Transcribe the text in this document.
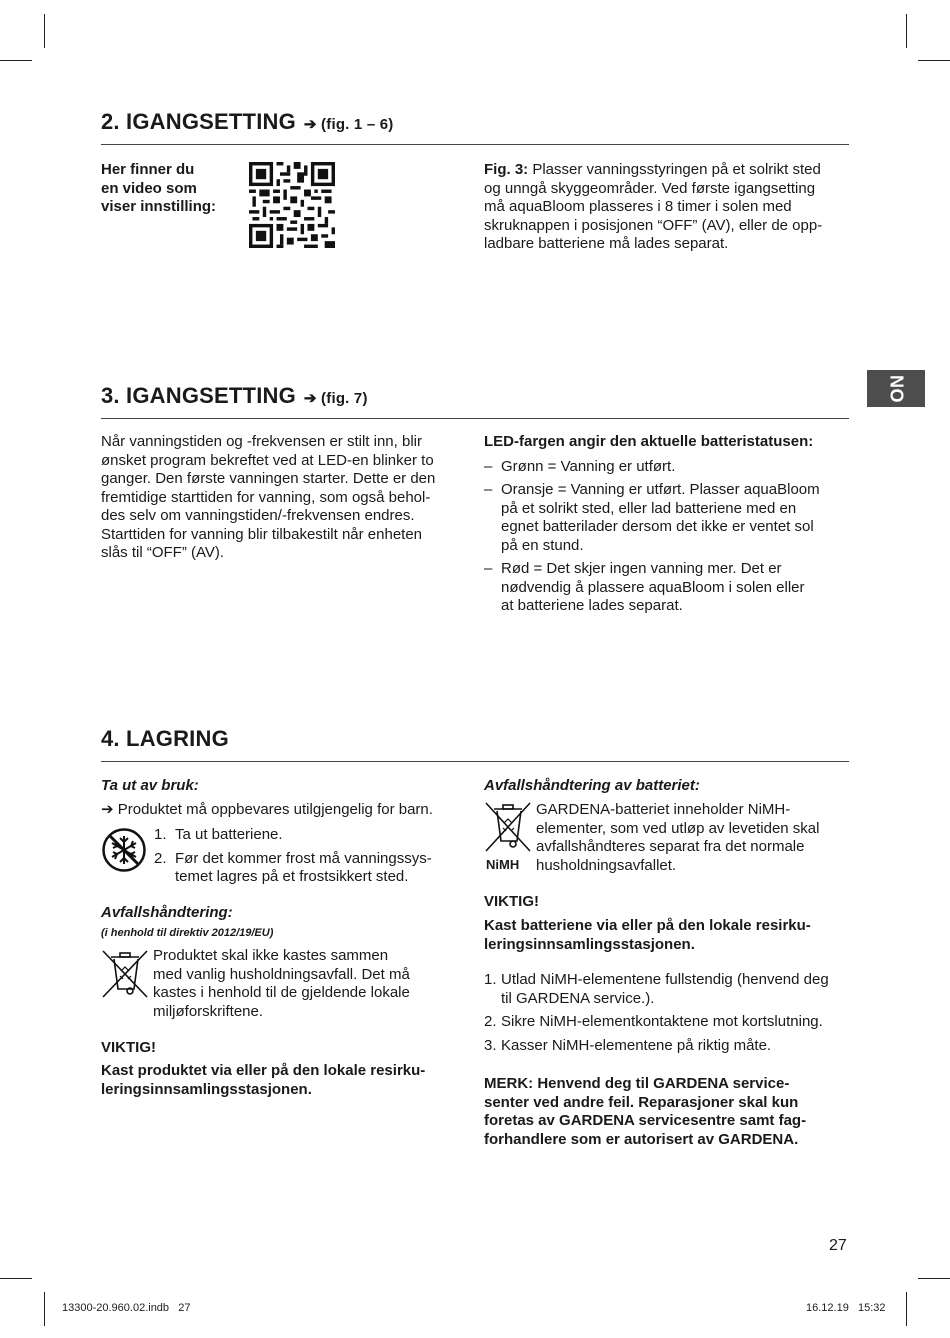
2. IGANGSETTING ➔ (fig. 1 – 6)
Her finner du
en video som
viser innstilling:
Fig. 3: Plasser vanningsstyringen på et solrikt sted
og unngå skyggeområder. Ved første igangsetting
må aquaBloom plasseres i 8 timer i solen med
skruknappen i posisjonen “OFF” (AV), eller de opp-
ladbare batteriene må lades separat.
NO
3. IGANGSETTING ➔ (fig. 7)
Når vanningstiden og -frekvensen er stilt inn, blir
ønsket program bekreftet ved at LED-en blinker to
ganger. Den første vanningen starter. Dette er den
fremtidige starttiden for vanning, som også behol-
des selv om vanningstiden/-frekvensen endres.
Starttiden for vanning blir tilbakestilt når enheten
slås til “OFF” (AV).
LED-fargen angir den aktuelle batteristatusen:
– Grønn = Vanning er utført.
– Oransje = Vanning er utført. Plasser aquaBloom
på et solrikt sted, eller lad batteriene med en
egnet batterilader dersom det ikke er ventet sol
på en stund.
– Rød = Det skjer ingen vanning mer. Det er
nødvendig å plassere aquaBloom i solen eller
at batteriene lades separat.
4. LAGRING
Ta ut av bruk:
➔ Produktet må oppbevares utilgjengelig for barn.
1. Ta ut batteriene.
2. Før det kommer frost må vanningssys-
temet lagres på et frostsikkert sted.
Avfallshåndtering:
(i henhold til direktiv 2012/19/EU)
Produktet skal ikke kastes sammen
med vanlig husholdningsavfall. Det må
kastes i henhold til de gjeldende lokale
miljøforskriftene.
VIKTIG!
Kast produktet via eller på den lokale resirku-
leringsinnsamlingsstasjonen.
Avfallshåndtering av batteriet:
NiMH
GARDENA-batteriet inneholder NiMH-
elementer, som ved utløp av levetiden skal
avfallshåndteres separat fra det normale
husholdningsavfallet.
VIKTIG!
Kast batteriene via eller på den lokale resirku-
leringsinnsamlingsstasjonen.
1. Utlad NiMH-elementene fullstendig (henvend deg
til GARDENA service.).
2. Sikre NiMH-elementkontaktene mot kortslutning.
3. Kasser NiMH-elementene på riktig måte.
MERK: Henvend deg til GARDENA service-
senter ved andre feil. Reparasjoner skal kun
foretas av GARDENA servicesentre samt fag-
forhandlere som er autorisert av GARDENA.
27
13300-20.960.02.indb   27	16.12.19   15:32
